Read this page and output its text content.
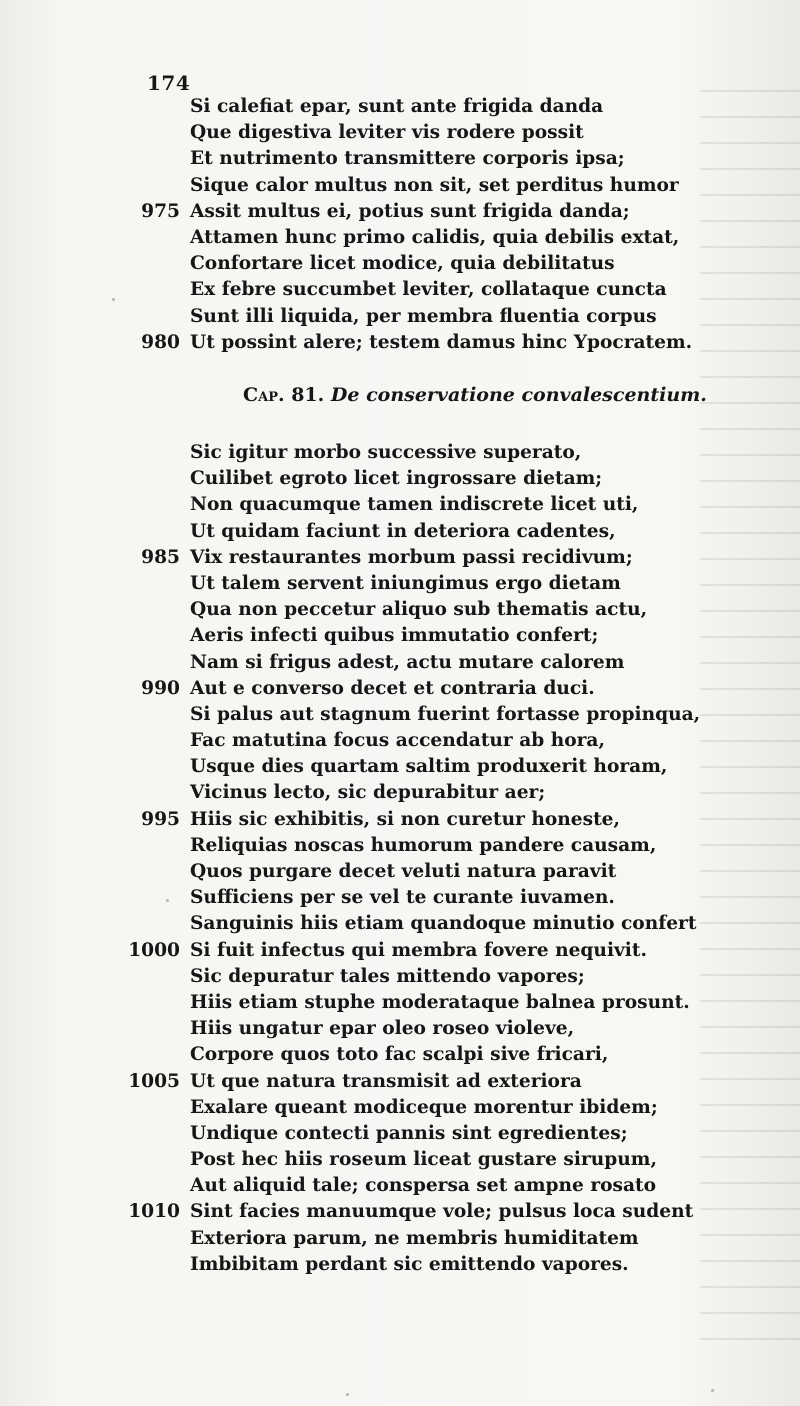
174
Si calefiat epar, sunt ante frigida danda
Que digestiva leviter vis rodere possit
Et nutrimento transmittere corporis ipsa;
Sique calor multus non sit, set perditus humor
975 Assit multus ei, potius sunt frigida danda;
Attamen hunc primo calidis, quia debilis extat,
Confortare licet modice, quia debilitatus
Ex febre succumbet leviter, collataque cuncta
Sunt illi liquida, per membra fluentia corpus
980 Ut possint alere; testem damus hinc Ypocratem.
Cap. 81. De conservatione convalescentium.
Sic igitur morbo successive superato,
Cuilibet egroto licet ingrossare dietam;
Non quacumque tamen indiscrete licet uti,
Ut quidam faciunt in deteriora cadentes,
985 Vix restaurantes morbum passi recidivum;
Ut talem servent iniungimus ergo dietam
Qua non peccetur aliquo sub thematis actu,
Aeris infecti quibus immutatio confert;
Nam si frigus adest, actu mutare calorem
990 Aut e converso decet et contraria duci.
Si palus aut stagnum fuerint fortasse propinqua,
Fac matutina focus accendatur ab hora,
Usque dies quartam saltim produxerit horam,
Vicinus lecto, sic depurabitur aer;
995 Hiis sic exhibitis, si non curetur honeste,
Reliquias noscas humorum pandere causam,
Quos purgare decet veluti natura paravit
Sufficiens per se vel te curante iuvamen.
Sanguinis hiis etiam quandoque minutio confert
1000 Si fuit infectus qui membra fovere nequivit.
Sic depuratur tales mittendo vapores;
Hiis etiam stuphe moderataque balnea prosunt.
Hiis ungatur epar oleo roseo violeve,
Corpore quos toto fac scalpi sive fricari,
1005 Ut que natura transmisit ad exteriora
Exalare queant modiceque morentur ibidem;
Undique contecti pannis sint egredientes;
Post hec hiis roseum liceat gustare sirupum,
Aut aliquid tale; conspersa set ampne rosato
1010 Sint facies manuumque vole; pulsus loca sudent
Exteriora parum, ne membris humiditatem
Imbibitam perdant sic emittendo vapores.
